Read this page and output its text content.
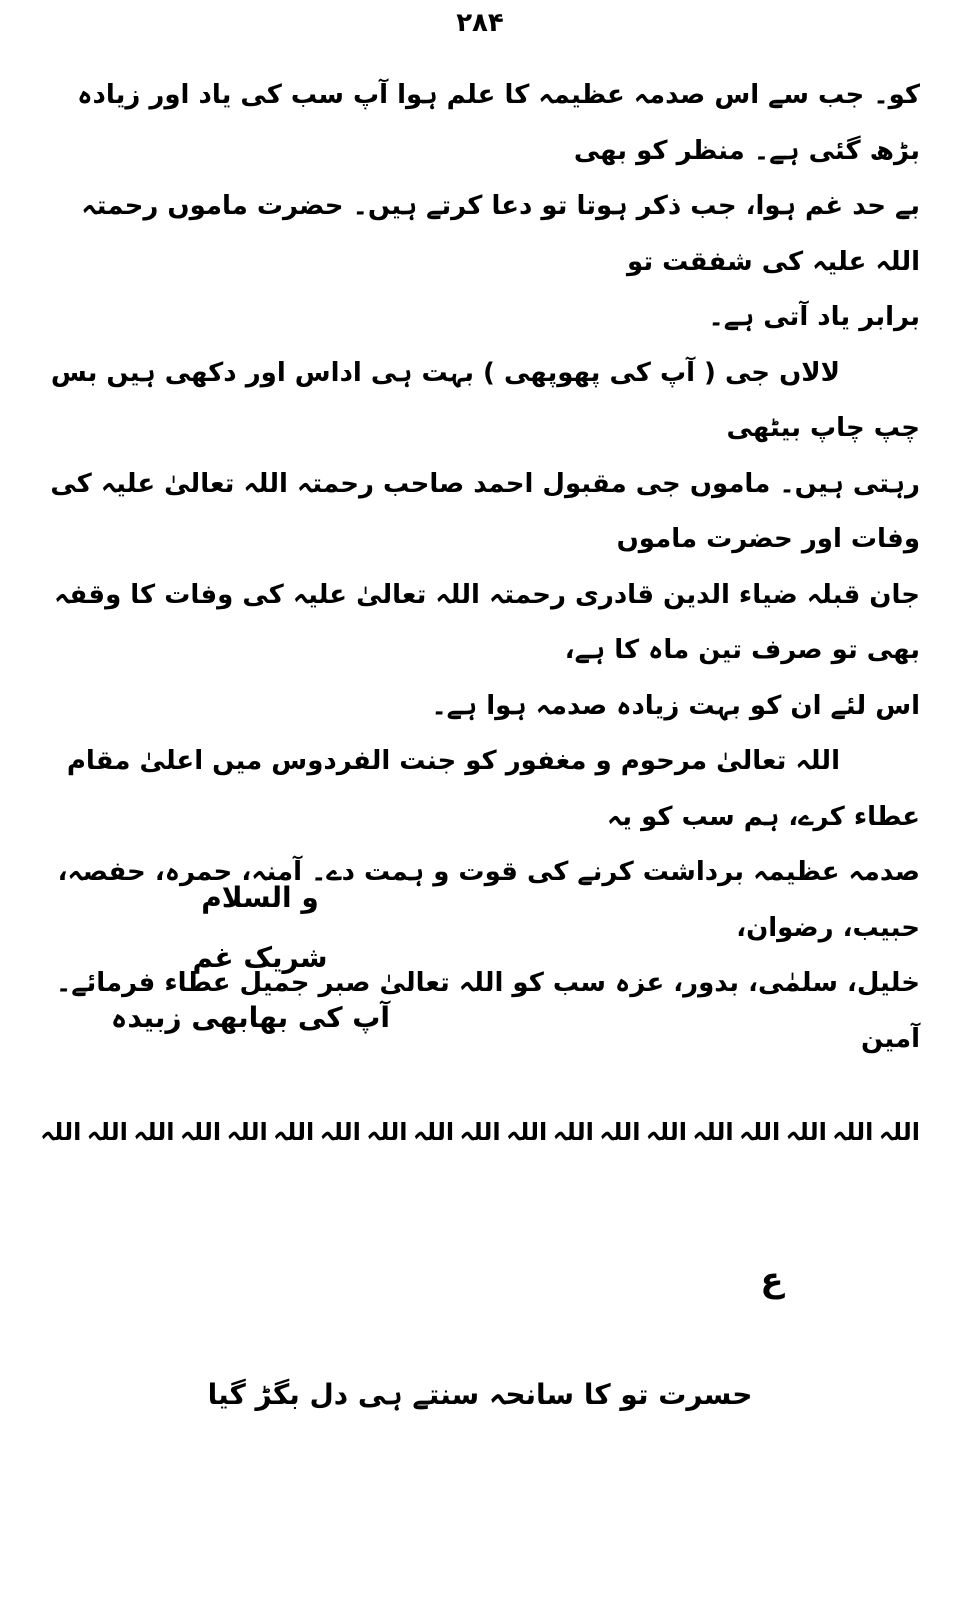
۲۸۴

کو۔ جب سے اس صدمہ عظیمہ کا علم ہوا آپ سب کی یاد اور زیادہ بڑھ گئی ہے۔ منظر کو بھی

بے حد غم ہوا، جب ذکر ہوتا تو دعا کرتے ہیں۔ حضرت ماموں رحمتہ اللہ علیہ کی شفقت تو

برابر یاد آتی ہے۔

لالاں جی ( آپ کی پھوپھی ) بہت ہی اداس اور دکھی ہیں بس چپ چاپ بیٹھی

رہتی ہیں۔ ماموں جی مقبول احمد صاحب رحمتہ اللہ تعالیٰ علیہ کی وفات اور حضرت ماموں

جان قبلہ ضیاء الدین قادری رحمتہ اللہ تعالیٰ علیہ کی وفات کا وقفہ بھی تو صرف تین ماہ کا ہے،

اس لئے ان کو بہت زیادہ صدمہ ہوا ہے۔

اللہ تعالیٰ مرحوم و مغفور کو جنت الفردوس میں اعلیٰ مقام عطاء کرے، ہم سب کو یہ

صدمہ عظیمہ برداشت کرنے کی قوت و ہمت دے۔ آمنہ، حمرہ، حفصہ، حبیب، رضوان،

خلیل، سلمٰی، بدور، عزہ سب کو اللہ تعالیٰ صبر جمیل عطاء فرمائے۔ آمین

و السلام
شریک غم
آپ کی بھابھی زبیدہ
اللہ
اللہ
اللہ
اللہ
اللہ
اللہ
اللہ
اللہ
اللہ
اللہ
اللہ
اللہ
اللہ
اللہ
اللہ
اللہ
اللہ
اللہ
اللہ
ع
حسرت تو کا سانحہ سنتے ہی دل بگڑ گیا
